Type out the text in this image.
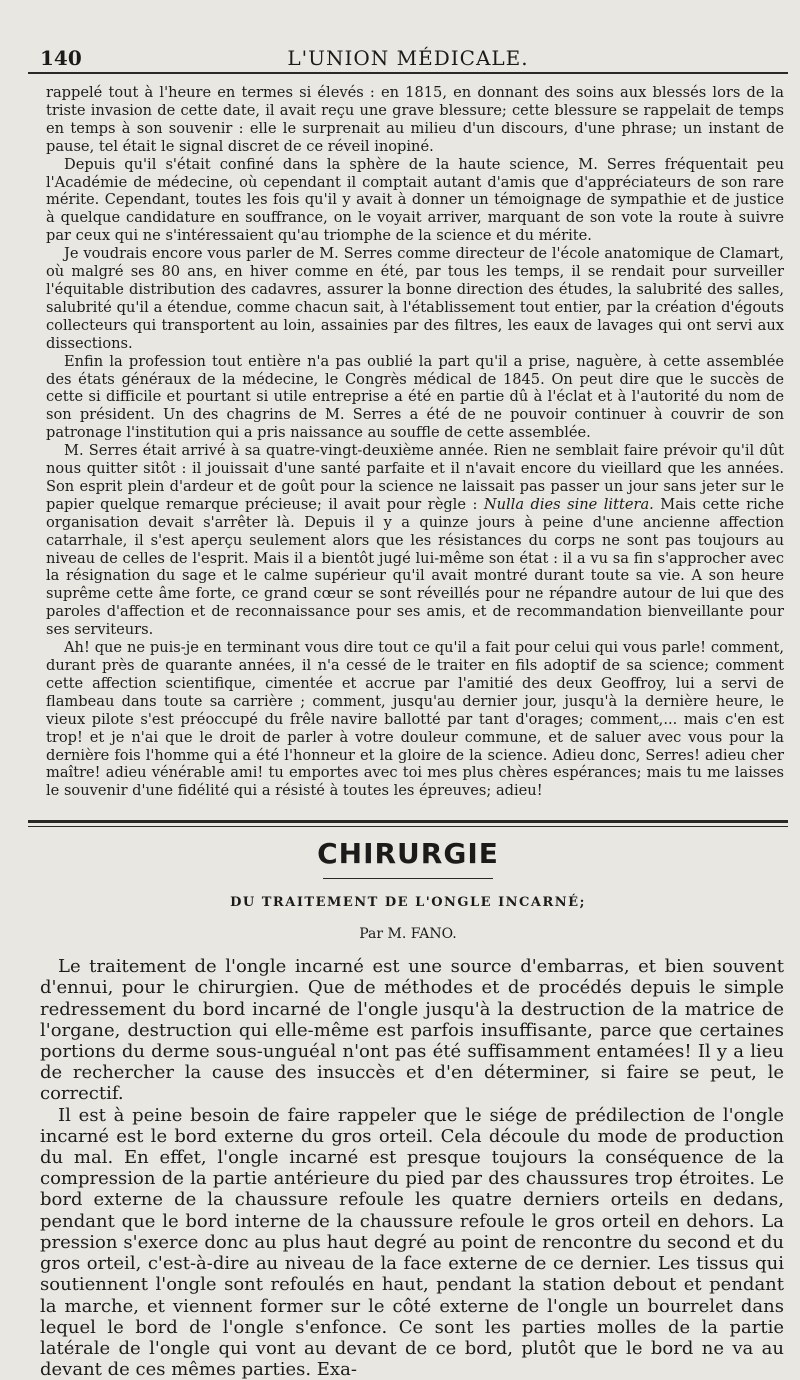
140	L'UNION MÉDICALE.

rappelé tout à l'heure en termes si élevés : en 1815, en donnant des soins aux blessés lors de la triste invasion de cette date, il avait reçu une grave blessure; cette blessure se rappelait de temps en temps à son souvenir : elle le surprenait au milieu d'un discours, d'une phrase; un instant de pause, tel était le signal discret de ce réveil inopiné.

Depuis qu'il s'était confiné dans la sphère de la haute science, M. Serres fréquentait peu l'Académie de médecine, où cependant il comptait autant d'amis que d'appréciateurs de son rare mérite. Cependant, toutes les fois qu'il y avait à donner un témoignage de sympathie et de justice à quelque candidature en souffrance, on le voyait arriver, marquant de son vote la route à suivre par ceux qui ne s'intéressaient qu'au triomphe de la science et du mérite.

Je voudrais encore vous parler de M. Serres comme directeur de l'école anatomique de Clamart, où malgré ses 80 ans, en hiver comme en été, par tous les temps, il se rendait pour surveiller l'équitable distribution des cadavres, assurer la bonne direction des études, la salubrité des salles, salubrité qu'il a étendue, comme chacun sait, à l'établissement tout entier, par la création d'égouts collecteurs qui transportent au loin, assainies par des filtres, les eaux de lavages qui ont servi aux dissections.

Enfin la profession tout entière n'a pas oublié la part qu'il a prise, naguère, à cette assemblée des états généraux de la médecine, le Congrès médical de 1845. On peut dire que le succès de cette si difficile et pourtant si utile entreprise a été en partie dû à l'éclat et à l'autorité du nom de son président. Un des chagrins de M. Serres a été de ne pouvoir continuer à couvrir de son patronage l'institution qui a pris naissance au souffle de cette assemblée.

M. Serres était arrivé à sa quatre-vingt-deuxième année. Rien ne semblait faire prévoir qu'il dût nous quitter sitôt : il jouissait d'une santé parfaite et il n'avait encore du vieillard que les années. Son esprit plein d'ardeur et de goût pour la science ne laissait pas passer un jour sans jeter sur le papier quelque remarque précieuse; il avait pour règle : Nulla dies sine littera. Mais cette riche organisation devait s'arrêter là. Depuis il y a quinze jours à peine d'une ancienne affection catarrhale, il s'est aperçu seulement alors que les résistances du corps ne sont pas toujours au niveau de celles de l'esprit. Mais il a bientôt jugé lui-même son état : il a vu sa fin s'approcher avec la résignation du sage et le calme supérieur qu'il avait montré durant toute sa vie. A son heure suprême cette âme forte, ce grand cœur se sont réveillés pour ne répandre autour de lui que des paroles d'affection et de reconnaissance pour ses amis, et de recommandation bienveillante pour ses serviteurs.

Ah! que ne puis-je en terminant vous dire tout ce qu'il a fait pour celui qui vous parle! comment, durant près de quarante années, il n'a cessé de le traiter en fils adoptif de sa science; comment cette affection scientifique, cimentée et accrue par l'amitié des deux Geoffroy, lui a servi de flambeau dans toute sa carrière ; comment, jusqu'au dernier jour, jusqu'à la dernière heure, le vieux pilote s'est préoccupé du frêle navire ballotté par tant d'orages; comment,... mais c'en est trop! et je n'ai que le droit de parler à votre douleur commune, et de saluer avec vous pour la dernière fois l'homme qui a été l'honneur et la gloire de la science. Adieu donc, Serres! adieu cher maître! adieu vénérable ami! tu emportes avec toi mes plus chères espérances; mais tu me laisses le souvenir d'une fidélité qui a résisté à toutes les épreuves; adieu!

CHIRURGIE
DU TRAITEMENT DE L'ONGLE INCARNÉ;
Par M. FANO.

Le traitement de l'ongle incarné est une source d'embarras, et bien souvent d'ennui, pour le chirurgien. Que de méthodes et de procédés depuis le simple redressement du bord incarné de l'ongle jusqu'à la destruction de la matrice de l'organe, destruction qui elle-même est parfois insuffisante, parce que certaines portions du derme sous-unguéal n'ont pas été suffisamment entamées! Il y a lieu de rechercher la cause des insuccès et d'en déterminer, si faire se peut, le correctif.

Il est à peine besoin de faire rappeler que le siége de prédilection de l'ongle incarné est le bord externe du gros orteil. Cela découle du mode de production du mal. En effet, l'ongle incarné est presque toujours la conséquence de la compression de la partie antérieure du pied par des chaussures trop étroites. Le bord externe de la chaussure refoule les quatre derniers orteils en dedans, pendant que le bord interne de la chaussure refoule le gros orteil en dehors. La pression s'exerce donc au plus haut degré au point de rencontre du second et du gros orteil, c'est-à-dire au niveau de la face externe de ce dernier. Les tissus qui soutiennent l'ongle sont refoulés en haut, pendant la station debout et pendant la marche, et viennent former sur le côté externe de l'ongle un bourrelet dans lequel le bord de l'ongle s'enfonce. Ce sont les parties molles de la partie latérale de l'ongle qui vont au devant de ce bord, plutôt que le bord ne va au devant de ces mêmes parties. Exa-
